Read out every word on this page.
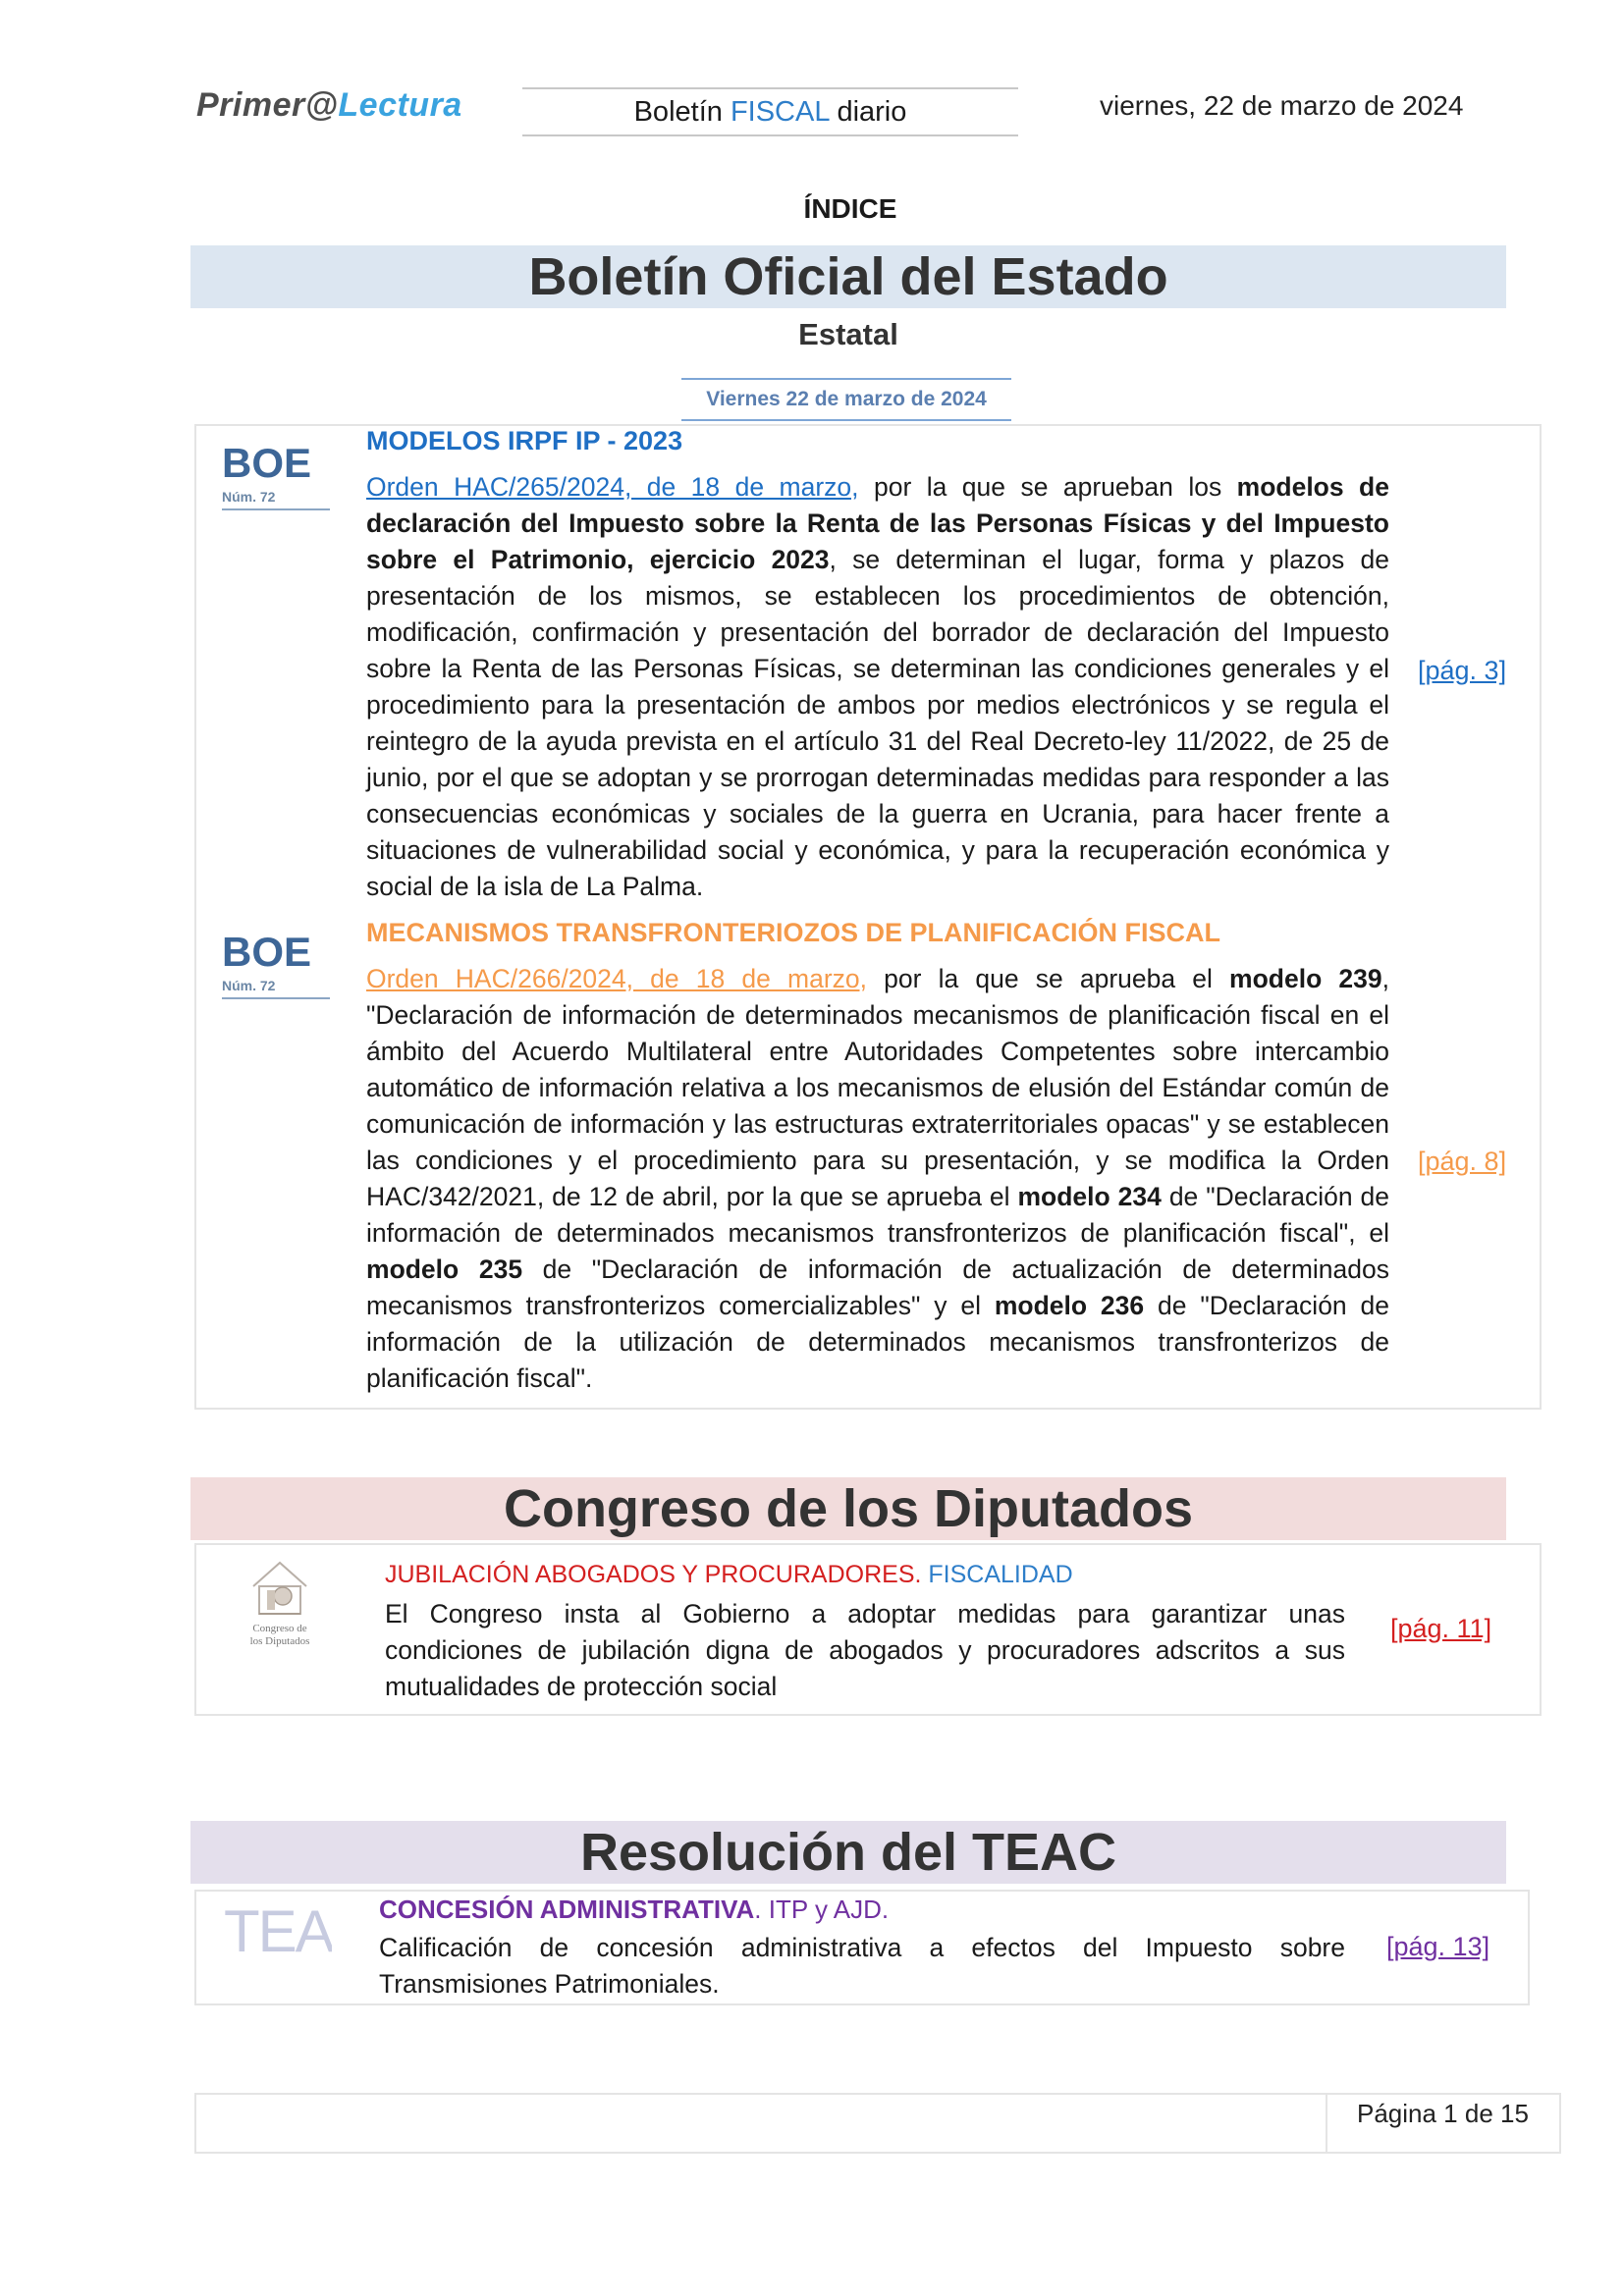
Primer@Lectura	Boletín FISCAL diario	viernes, 22 de marzo de 2024
ÍNDICE
Boletín Oficial del Estado
Estatal
Viernes 22 de marzo de 2024
BOE
Núm. 72
MODELOS IRPF IP - 2023
Orden HAC/265/2024, de 18 de marzo, por la que se aprueban los modelos de declaración del Impuesto sobre la Renta de las Personas Físicas y del Impuesto sobre el Patrimonio, ejercicio 2023, se determinan el lugar, forma y plazos de presentación de los mismos, se establecen los procedimientos de obtención, modificación, confirmación y presentación del borrador de declaración del Impuesto sobre la Renta de las Personas Físicas, se determinan las condiciones generales y el procedimiento para la presentación de ambos por medios electrónicos y se regula el reintegro de la ayuda prevista en el artículo 31 del Real Decreto-ley 11/2022, de 25 de junio, por el que se adoptan y se prorrogan determinadas medidas para responder a las consecuencias económicas y sociales de la guerra en Ucrania, para hacer frente a situaciones de vulnerabilidad social y económica, y para la recuperación económica y social de la isla de La Palma.
[pág. 3]
BOE
Núm. 72
MECANISMOS TRANSFRONTERIOZOS DE PLANIFICACIÓN FISCAL
Orden HAC/266/2024, de 18 de marzo, por la que se aprueba el modelo 239, "Declaración de información de determinados mecanismos de planificación fiscal en el ámbito del Acuerdo Multilateral entre Autoridades Competentes sobre intercambio automático de información relativa a los mecanismos de elusión del Estándar común de comunicación de información y las estructuras extraterritoriales opacas" y se establecen las condiciones y el procedimiento para su presentación, y se modifica la Orden HAC/342/2021, de 12 de abril, por la que se aprueba el modelo 234 de "Declaración de información de determinados mecanismos transfronterizos de planificación fiscal", el modelo 235 de "Declaración de información de actualización de determinados mecanismos transfronterizos comercializables" y el modelo 236 de "Declaración de información de la utilización de determinados mecanismos transfronterizos de planificación fiscal".
[pág. 8]
Congreso de los Diputados
Congreso de
los Diputados
JUBILACIÓN ABOGADOS Y PROCURADORES. FISCALIDAD
El Congreso insta al Gobierno a adoptar medidas para garantizar unas condiciones de jubilación digna de abogados y procuradores adscritos a sus mutualidades de protección social
[pág. 11]
Resolución del TEAC
TEA CONCESIÓN ADMINISTRATIVA. ITP y AJD.
Calificación de concesión administrativa a efectos del Impuesto sobre Transmisiones Patrimoniales.
[pág. 13]
Página 1 de 15
